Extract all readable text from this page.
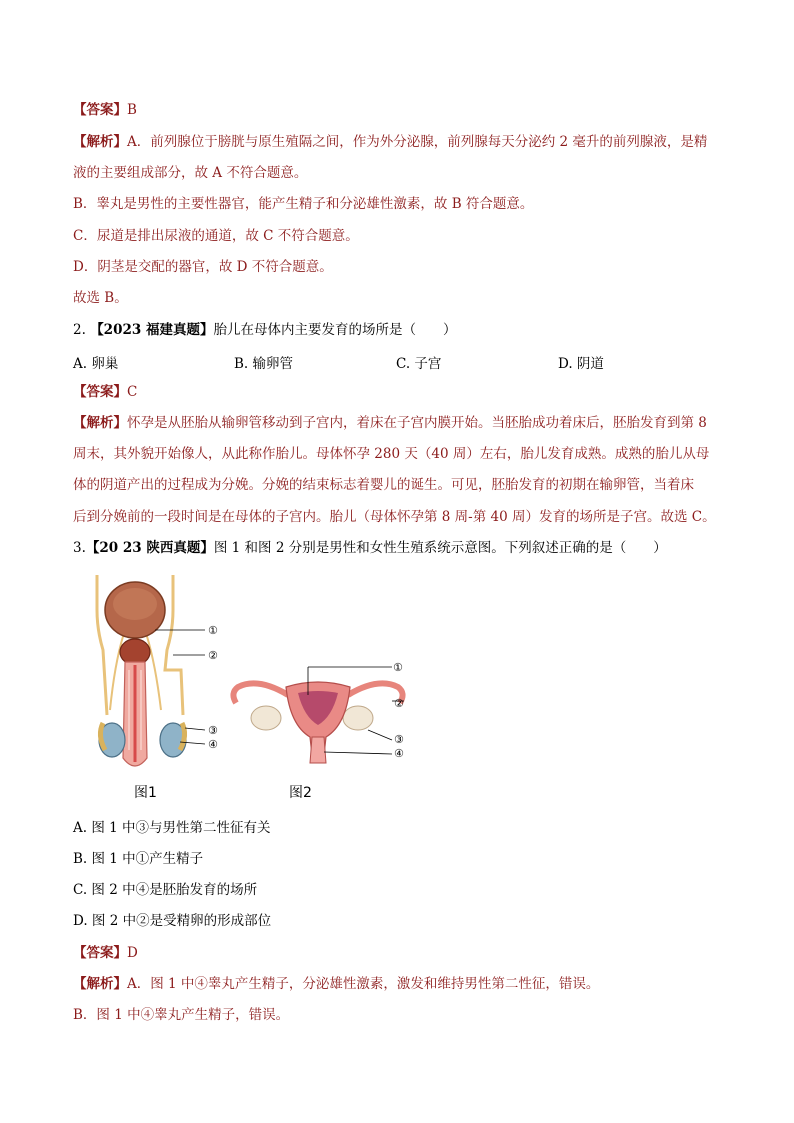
【答案】B
【解析】A．前列腺位于膀胱与原生殖隔之间，作为外分泌腺，前列腺每天分泌约 2 毫升的前列腺液，是精
液的主要组成部分，故 A 不符合题意。
B．睾丸是男性的主要性器官，能产生精子和分泌雄性激素，故 B 符合题意。
C．尿道是排出尿液的通道，故 C 不符合题意。
D．阴茎是交配的器官，故 D 不符合题意。
故选 B。
2. 【2023 福建真题】胎儿在母体内主要发育的场所是（　　）
A. 卵巢	B. 输卵管	C. 子宫	D. 阴道
【答案】C
【解析】怀孕是从胚胎从输卵管移动到子宫内，着床在子宫内膜开始。当胚胎成功着床后，胚胎发育到第 8
周末，其外貌开始像人，从此称作胎儿。母体怀孕 280 天（40 周）左右，胎儿发育成熟。成熟的胎儿从母
体的阴道产出的过程成为分娩。分娩的结束标志着婴儿的诞生。可见，胚胎发育的初期在输卵管，当着床
后到分娩前的一段时间是在母体的子宫内。胎儿（母体怀孕第 8 周-第 40 周）发育的场所是子宫。故选 C。
3.【20 23 陕西真题】图 1 和图 2 分别是男性和女性生殖系统示意图。下列叙述正确的是（　　）
①
②
③
④
图1
①
②
③
④
图2
A. 图 1 中③与男性第二性征有关
B. 图 1 中①产生精子
C. 图 2 中④是胚胎发育的场所
D. 图 2 中②是受精卵的形成部位
【答案】D
【解析】A．图 1 中④睾丸产生精子，分泌雄性激素，激发和维持男性第二性征，错误。
B．图 1 中④睾丸产生精子，错误。
